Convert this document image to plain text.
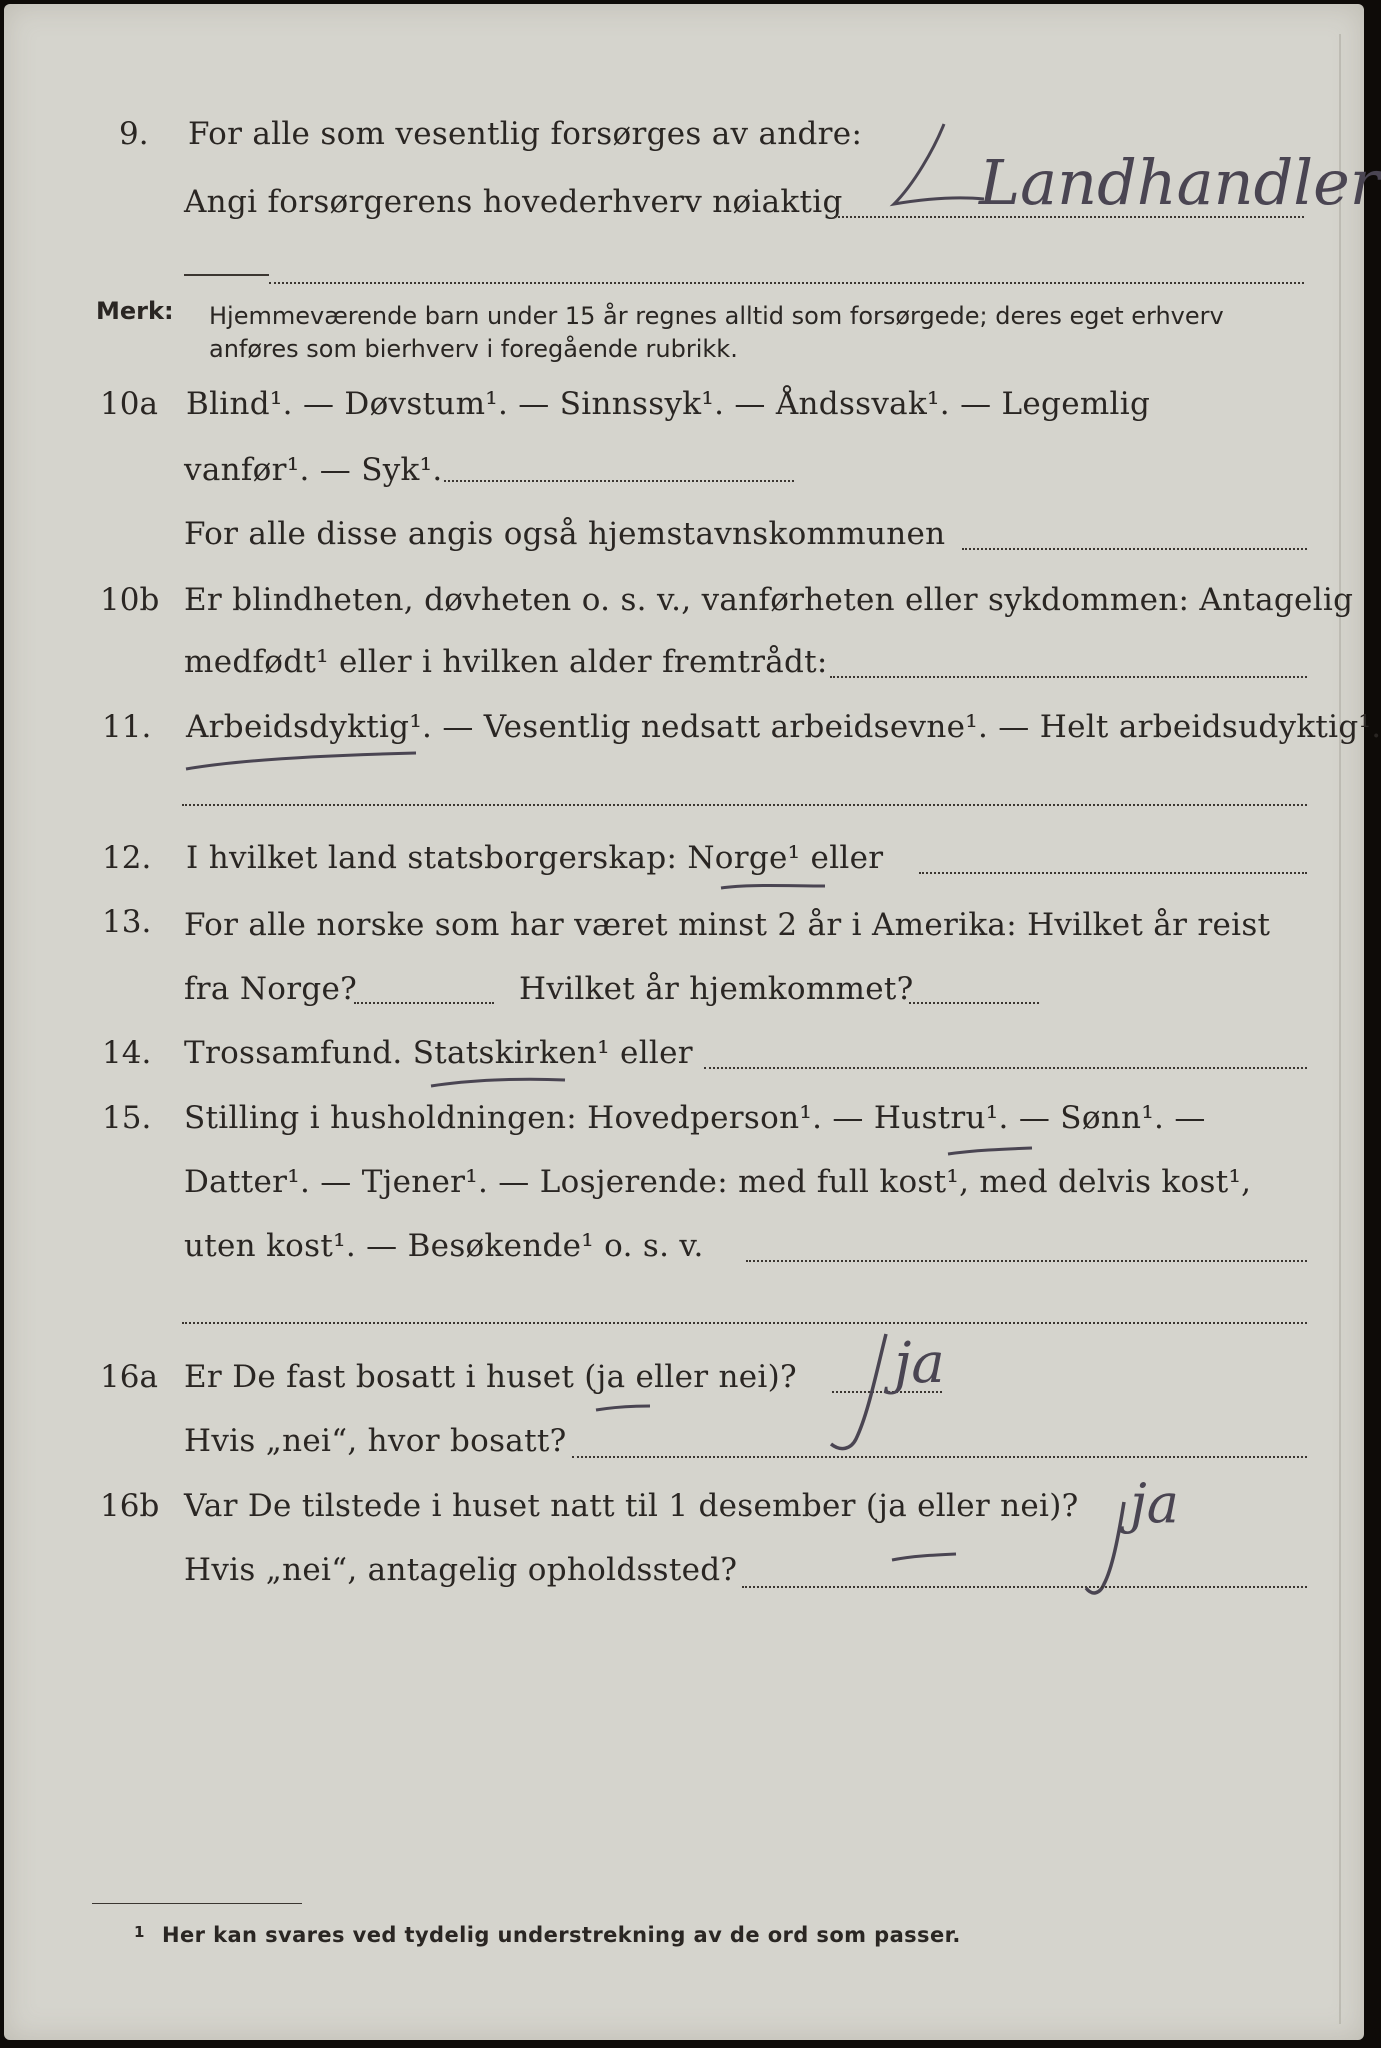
9. For alle som vesentlig forsørges av andre:
Angi forsørgerens hovederhverv nøiaktig Landhandler
Merk: Hjemmeværende barn under 15 år regnes alltid som forsørgede; deres eget erhverv
anføres som bierhverv i foregående rubrikk.
10a Blind¹. — Døvstum¹. — Sinnssyk¹. — Åndssvak¹. — Legemlig
vanfør¹. — Syk¹.
For alle disse angis også hjemstavnskommunen
10b Er blindheten, døvheten o. s. v., vanførheten eller sykdommen: Antagelig
medfødt¹ eller i hvilken alder fremtrådt:
11. Arbeidsdyktig¹. — Vesentlig nedsatt arbeidsevne¹. — Helt arbeidsudyktig¹.
12. I hvilket land statsborgerskap: Norge¹ eller
13. For alle norske som har været minst 2 år i Amerika: Hvilket år reist
fra Norge?	Hvilket år hjemkommet?
14. Trossamfund. Statskirken¹ eller
15. Stilling i husholdningen: Hovedperson¹. — Hustru¹. — Sønn¹. —
Datter¹. — Tjener¹. — Losjerende: med full kost¹, med delvis kost¹,
uten kost¹. — Besøkende¹ o. s. v.
16a Er De fast bosatt i huset (ja eller nei)? ja
Hvis „nei“, hvor bosatt?
16b Var De tilstede i huset natt til 1 desember (ja eller nei)? ja
Hvis „nei“, antagelig opholdssted?
1 Her kan svares ved tydelig understrekning av de ord som passer.
